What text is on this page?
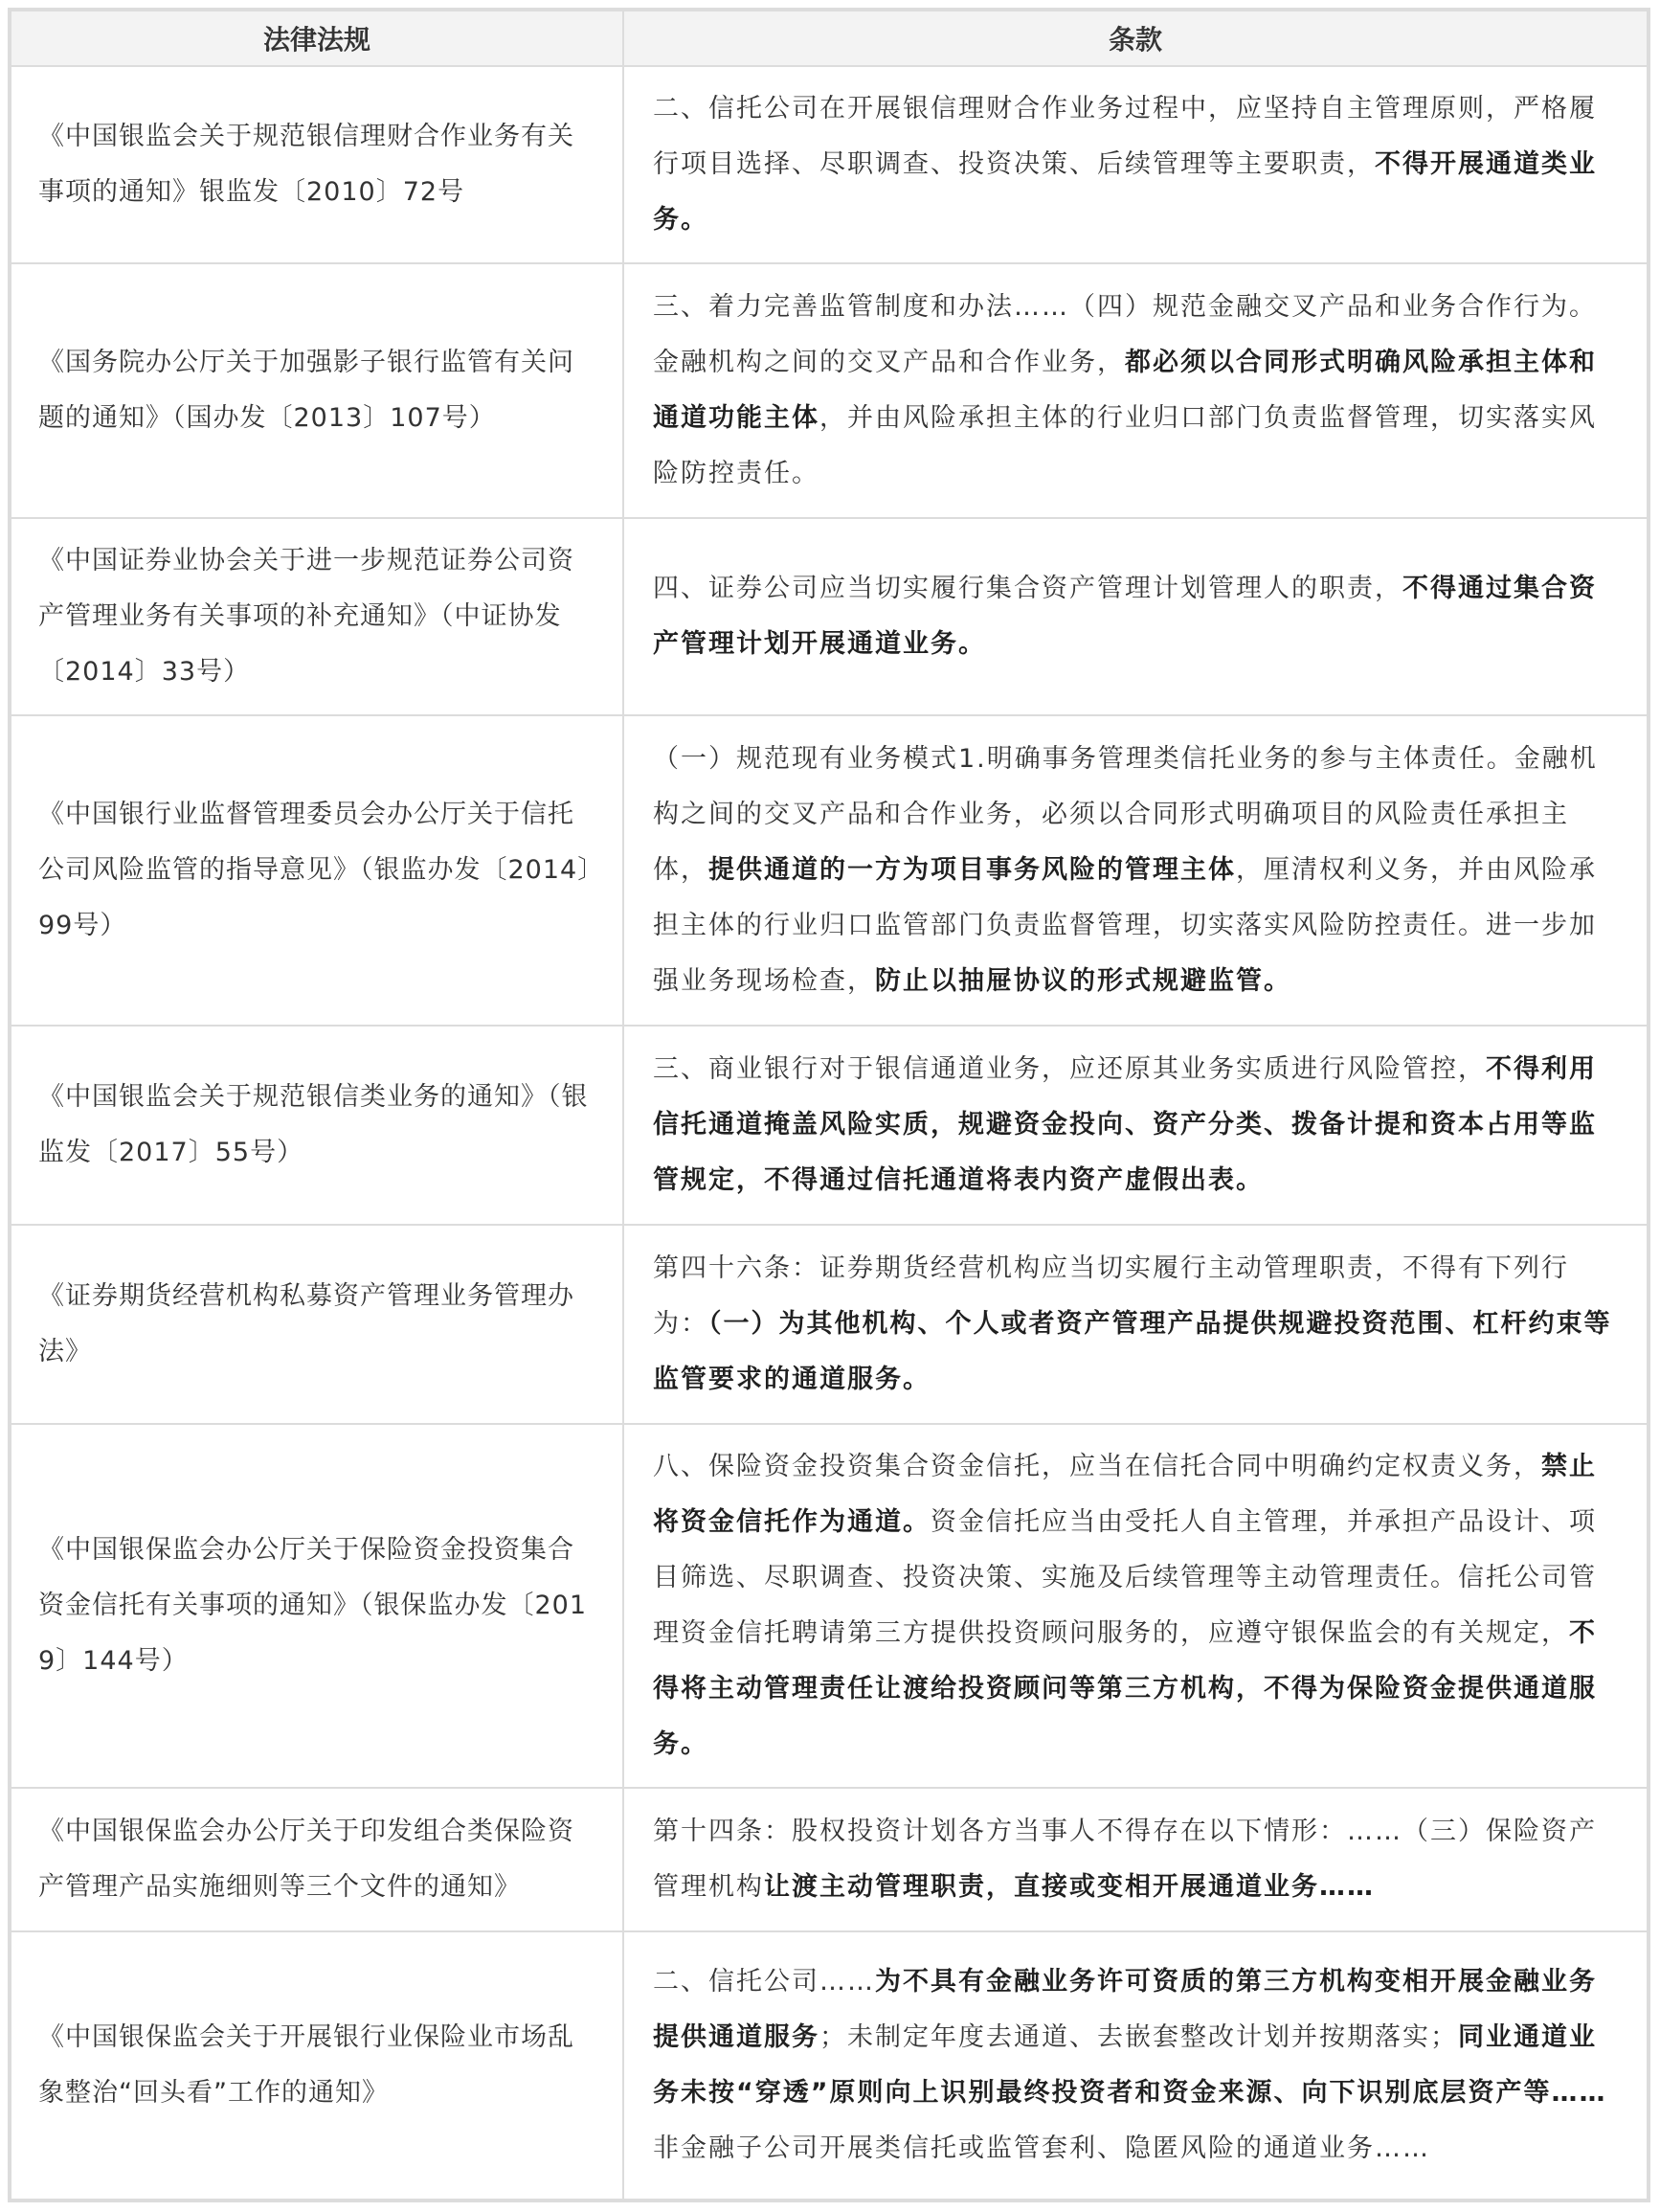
法律法规	条款
《中国银监会关于规范银信理财合作业务有关事项的通知》银监发〔2010〕72号	二、信托公司在开展银信理财合作业务过程中，应坚持自主管理原则，严格履行项目选择、尽职调查、投资决策、后续管理等主要职责，不得开展通道类业务。
《国务院办公厅关于加强影子银行监管有关问题的通知》（国办发〔2013〕107号）	三、着力完善监管制度和办法……（四）规范金融交叉产品和业务合作行为。金融机构之间的交叉产品和合作业务，都必须以合同形式明确风险承担主体和通道功能主体，并由风险承担主体的行业归口部门负责监督管理，切实落实风险防控责任。
《中国证券业协会关于进一步规范证券公司资产管理业务有关事项的补充通知》（中证协发〔2014〕33号）	四、证券公司应当切实履行集合资产管理计划管理人的职责，不得通过集合资产管理计划开展通道业务。
《中国银行业监督管理委员会办公厅关于信托公司风险监管的指导意见》（银监办发〔2014〕99号）	（一）规范现有业务模式1.明确事务管理类信托业务的参与主体责任。金融机构之间的交叉产品和合作业务，必须以合同形式明确项目的风险责任承担主体，提供通道的一方为项目事务风险的管理主体，厘清权利义务，并由风险承担主体的行业归口监管部门负责监督管理，切实落实风险防控责任。进一步加强业务现场检查，防止以抽屉协议的形式规避监管。
《中国银监会关于规范银信类业务的通知》（银监发〔2017〕55号）	三、商业银行对于银信通道业务，应还原其业务实质进行风险管控，不得利用信托通道掩盖风险实质，规避资金投向、资产分类、拨备计提和资本占用等监管规定，不得通过信托通道将表内资产虚假出表。
《证券期货经营机构私募资产管理业务管理办法》	第四十六条：证券期货经营机构应当切实履行主动管理职责，不得有下列行为：（一）为其他机构、个人或者资产管理产品提供规避投资范围、杠杆约束等监管要求的通道服务。
《中国银保监会办公厅关于保险资金投资集合资金信托有关事项的通知》（银保监办发〔2019〕144号）	八、保险资金投资集合资金信托，应当在信托合同中明确约定权责义务，禁止将资金信托作为通道。资金信托应当由受托人自主管理，并承担产品设计、项目筛选、尽职调查、投资决策、实施及后续管理等主动管理责任。信托公司管理资金信托聘请第三方提供投资顾问服务的，应遵守银保监会的有关规定，不得将主动管理责任让渡给投资顾问等第三方机构，不得为保险资金提供通道服务。
《中国银保监会办公厅关于印发组合类保险资产管理产品实施细则等三个文件的通知》	第十四条：股权投资计划各方当事人不得存在以下情形：……（三）保险资产管理机构让渡主动管理职责，直接或变相开展通道业务……
《中国银保监会关于开展银行业保险业市场乱象整治“回头看”工作的通知》	二、信托公司……为不具有金融业务许可资质的第三方机构变相开展金融业务提供通道服务；未制定年度去通道、去嵌套整改计划并按期落实；同业通道业务未按“穿透”原则向上识别最终投资者和资金来源、向下识别底层资产等……非金融子公司开展类信托或监管套利、隐匿风险的通道业务……
